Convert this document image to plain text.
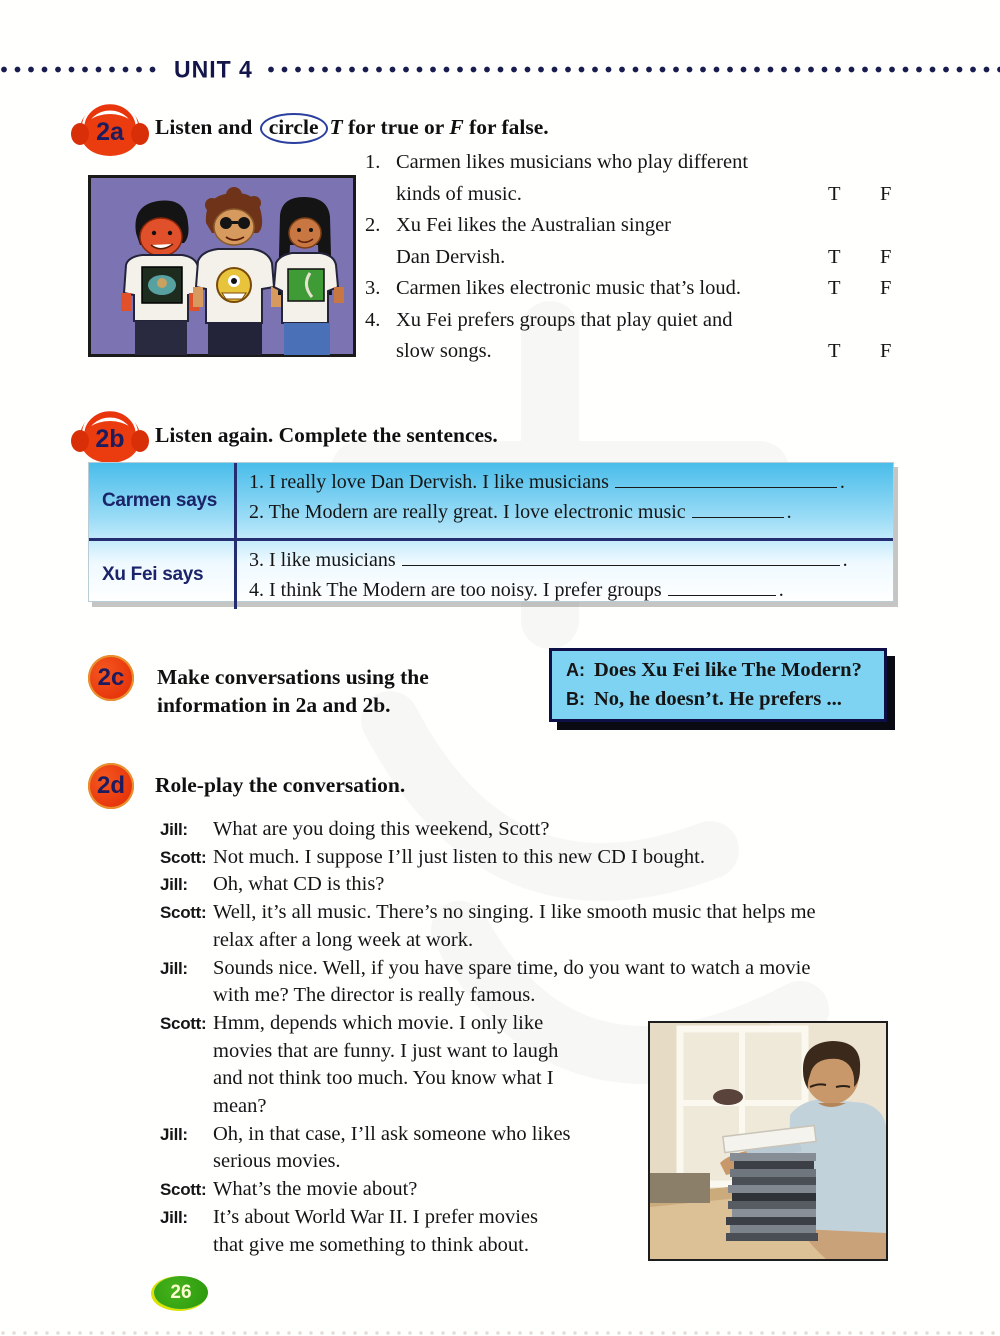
UNIT 4
2a	Listen and circle T for true or F for false.
1. Carmen likes musicians who play different
kinds of music.	T	F
2. Xu Fei likes the Australian singer
Dan Dervish.	T	F
3. Carmen likes electronic music that’s loud.	T	F
4. Xu Fei prefers groups that play quiet and
slow songs.	T	F
2b	Listen again. Complete the sentences.
Carmen says
1. I really love Dan Dervish. I like musicians	.
2. The Modern are really great. I love electronic music	.
Xu Fei says
3. I like musicians	.
4. I think The Modern are too noisy. I prefer groups	.
2c Make conversations using the
information in 2a and 2b.
A: Does Xu Fei like The Modern?
B: No, he doesn’t. He prefers ...
2d Role-play the conversation.
Jill:	What are you doing this weekend, Scott?
Scott: Not much. I suppose I’ll just listen to this new CD I bought.
Jill:	Oh, what CD is this?
Scott: Well, it’s all music. There’s no singing. I like smooth music that helps me
relax after a long week at work.
Jill:	Sounds nice. Well, if you have spare time, do you want to watch a movie
with me? The director is really famous.
Scott: Hmm, depends which movie. I only like
movies that are funny. I just want to laugh
and not think too much. You know what I
mean?
Jill:	Oh, in that case, I’ll ask someone who likes
serious movies.
Scott: What’s the movie about?
Jill:	It’s about World War II. I prefer movies
that give me something to think about.
26
